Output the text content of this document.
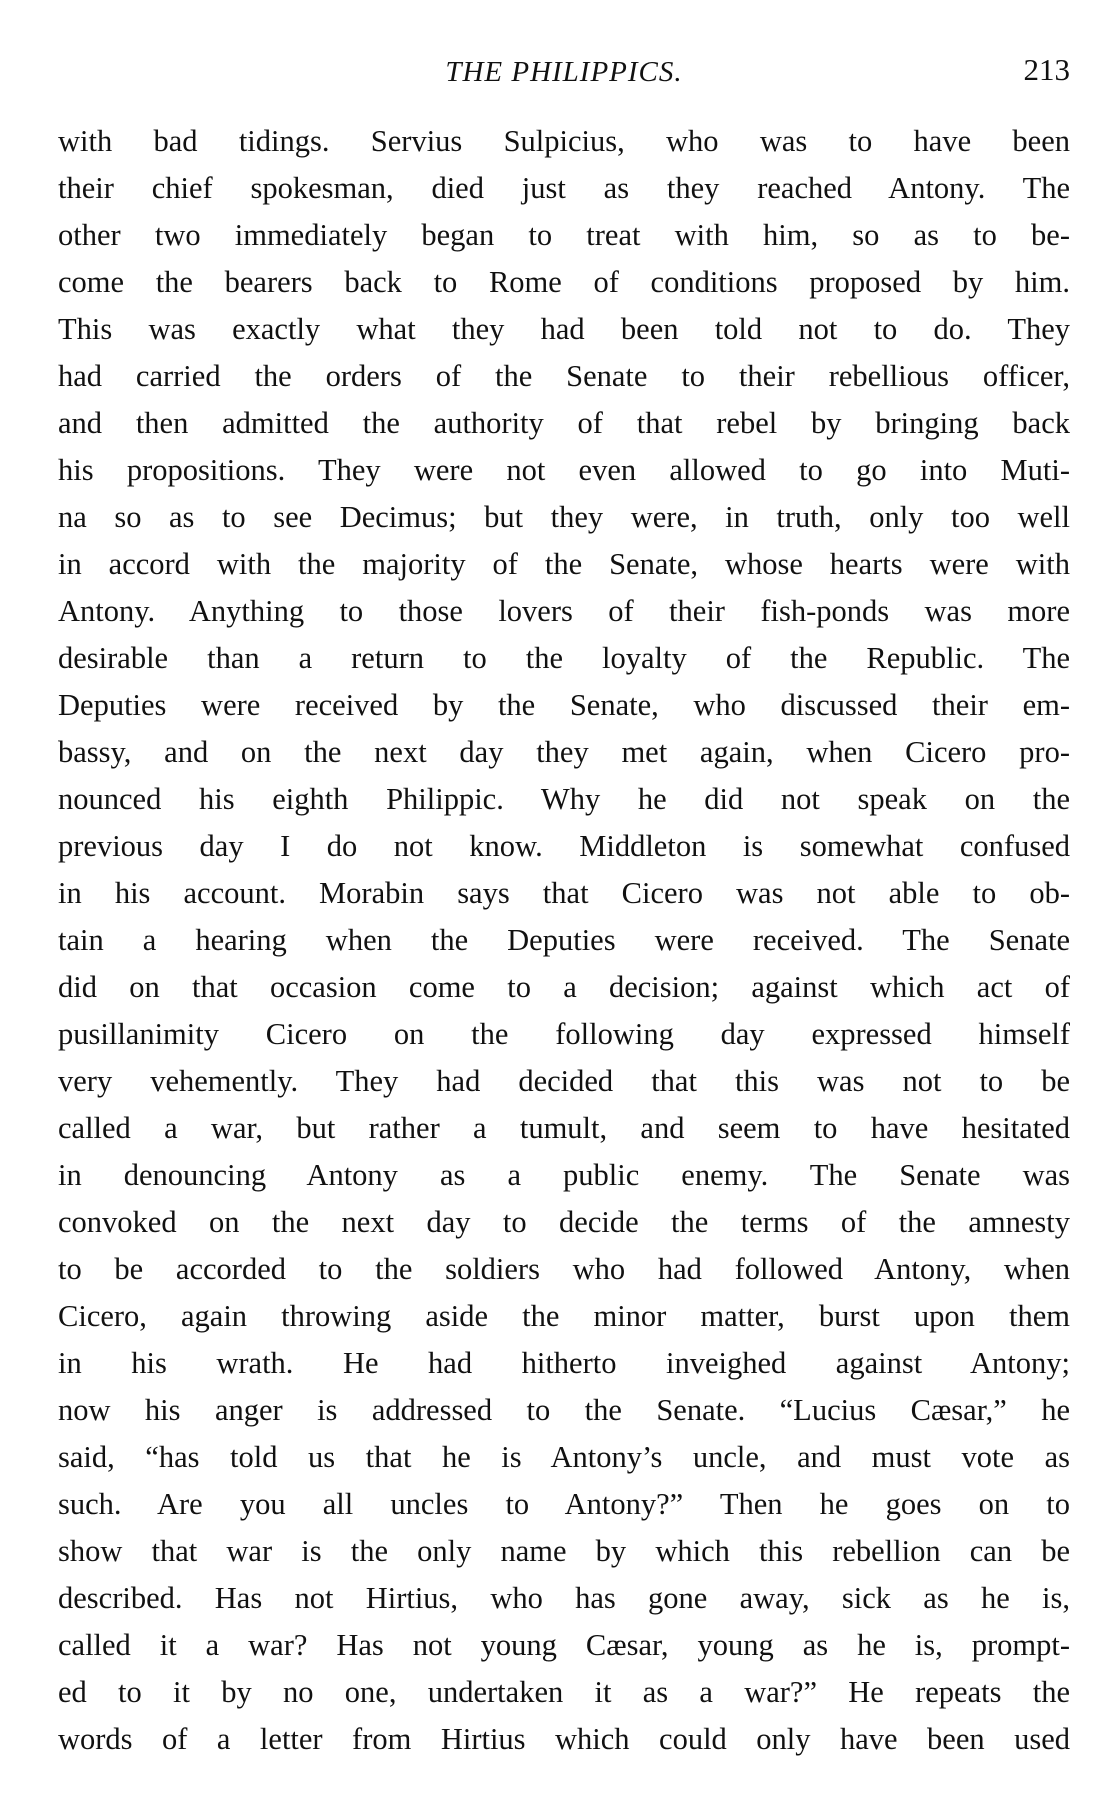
THE PHILIPPICS.	213
with bad tidings. Servius Sulpicius, who was to have been
their chief spokesman, died just as they reached Antony. The
other two immediately began to treat with him, so as to be-
come the bearers back to Rome of conditions proposed by him.
This was exactly what they had been told not to do. They
had carried the orders of the Senate to their rebellious officer,
and then admitted the authority of that rebel by bringing back
his propositions. They were not even allowed to go into Muti-
na so as to see Decimus; but they were, in truth, only too well
in accord with the majority of the Senate, whose hearts were with
Antony. Anything to those lovers of their fish-ponds was more
desirable than a return to the loyalty of the Republic. The
Deputies were received by the Senate, who discussed their em-
bassy, and on the next day they met again, when Cicero pro-
nounced his eighth Philippic. Why he did not speak on the
previous day I do not know. Middleton is somewhat confused
in his account. Morabin says that Cicero was not able to ob-
tain a hearing when the Deputies were received. The Senate
did on that occasion come to a decision; against which act of
pusillanimity Cicero on the following day expressed himself
very vehemently. They had decided that this was not to be
called a war, but rather a tumult, and seem to have hesitated
in denouncing Antony as a public enemy. The Senate was
convoked on the next day to decide the terms of the amnesty
to be accorded to the soldiers who had followed Antony, when
Cicero, again throwing aside the minor matter, burst upon them
in his wrath. He had hitherto inveighed against Antony;
now his anger is addressed to the Senate. “Lucius Cæsar,” he
said, “has told us that he is Antony’s uncle, and must vote as
such. Are you all uncles to Antony?” Then he goes on to
show that war is the only name by which this rebellion can be
described. Has not Hirtius, who has gone away, sick as he is,
called it a war? Has not young Cæsar, young as he is, prompt-
ed to it by no one, undertaken it as a war?” He repeats the
words of a letter from Hirtius which could only have been used
